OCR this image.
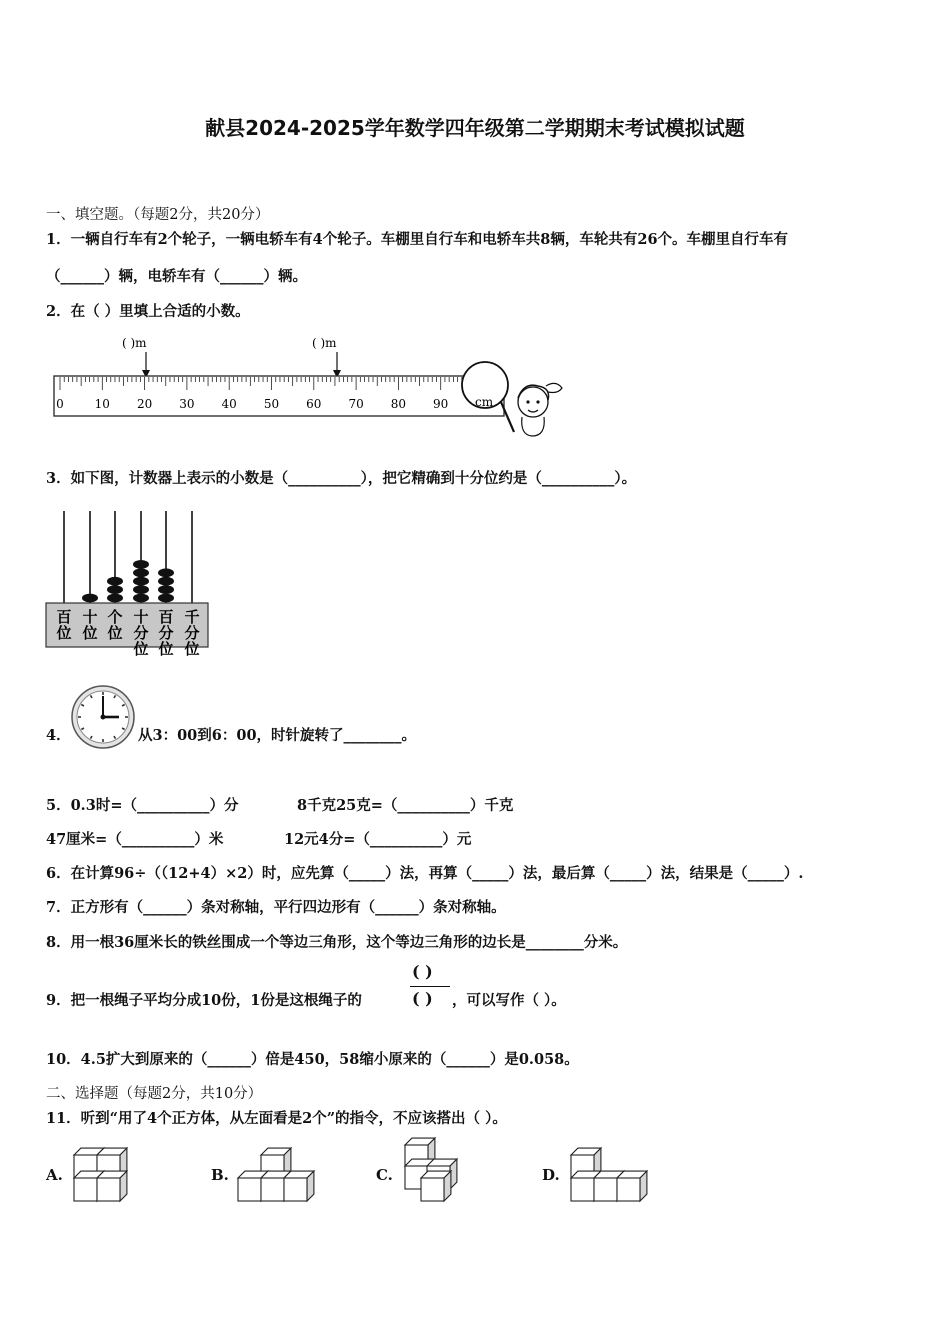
献县2024-2025学年数学四年级第二学期期末考试模拟试题
一、填空题。（每题2分，共20分）
1．一辆自行车有2个轮子，一辆电轿车有4个轮子。车棚里自行车和电轿车共8辆，车轮共有26个。车棚里自行车有
（______）辆，电轿车有（______）辆。
2．在（ ）里填上合适的小数。
( )m	( )m
0	10 20 30 40 50 60 70 80 90 cm
3．如下图，计数器上表示的小数是（__________），把它精确到十分位约是（__________）。
百
位
十
位
个
位
十
分
位
百
分
位
千
分
位
4．	从3：00到6：00，时针旋转了________。
5．0.3时=（__________）分	8千克25克=（__________）千克
47厘米=（__________）米	12元4分=（__________）元
6．在计算96÷（（12+4）×2）时，应先算（_____）法，再算（_____）法，最后算（_____）法，结果是（_____）.
7．正方形有（______）条对称轴，平行四边形有（______）条对称轴。
8．用一根36厘米长的铁丝围成一个等边三角形，这个等边三角形的边长是________分米。
9．把一根绳子平均分成10份，1份是这根绳子的
( )
( ) ，可以写作（ ）。
10．4.5扩大到原来的（______）倍是450，58缩小原来的（______）是0.058。
二、选择题（每题2分，共10分）
11．听到“用了4个正方体，从左面看是2个”的指令，不应该搭出（ ）。
A.	B.	C.	D.
